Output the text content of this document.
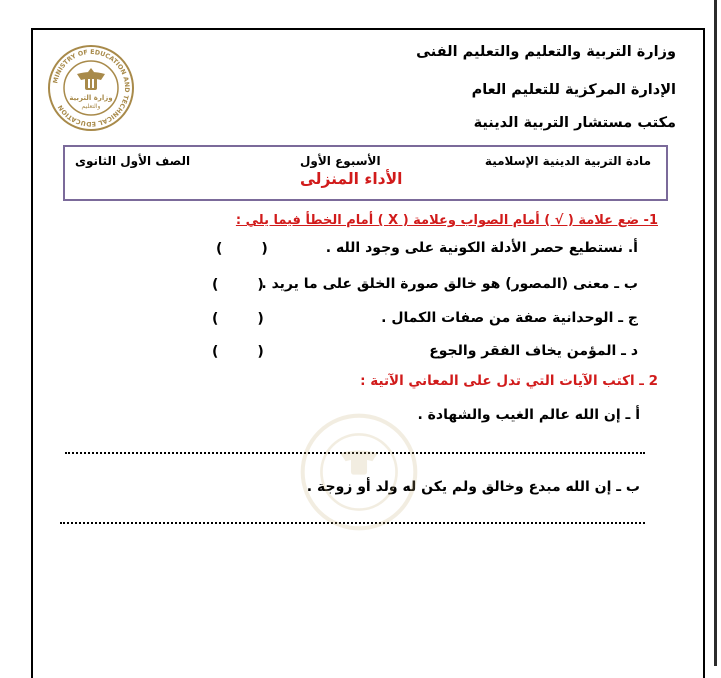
MINISTRY OF EDUCATION AND TECHNICAL EDUCATION
وزارة التربية
والتعليم
وزارة التربية والتعليم والتعليم الفنى
الإدارة المركزية للتعليم العام
مكتب مستشار التربية الدينية
مادة التربية الدينية الإسلامية
الأسبوع الأول
الصف الأول الثانوى
الأداء المنزلى
1- ضع علامة ( √ ) أمام الصواب وعلامة ( X ) أمام الخطأ فيما يلي :
أ. نستطيع حصر الأدلة الكونية على وجود الله .
(        )
ب ـ معنى (المصور) هو خالق صورة الخلق على ما يريد .
(        )
ج ـ الوحدانية صفة من صفات الكمال .
(        )
د ـ المؤمن يخاف الفقر والجوع
(        )
2 ـ اكتب الآيات التي تدل على المعاني الآتية :
أ ـ إن الله عالم الغيب والشهادة .
ب ـ إن الله مبدع وخالق ولم يكن له ولد أو زوجة .
